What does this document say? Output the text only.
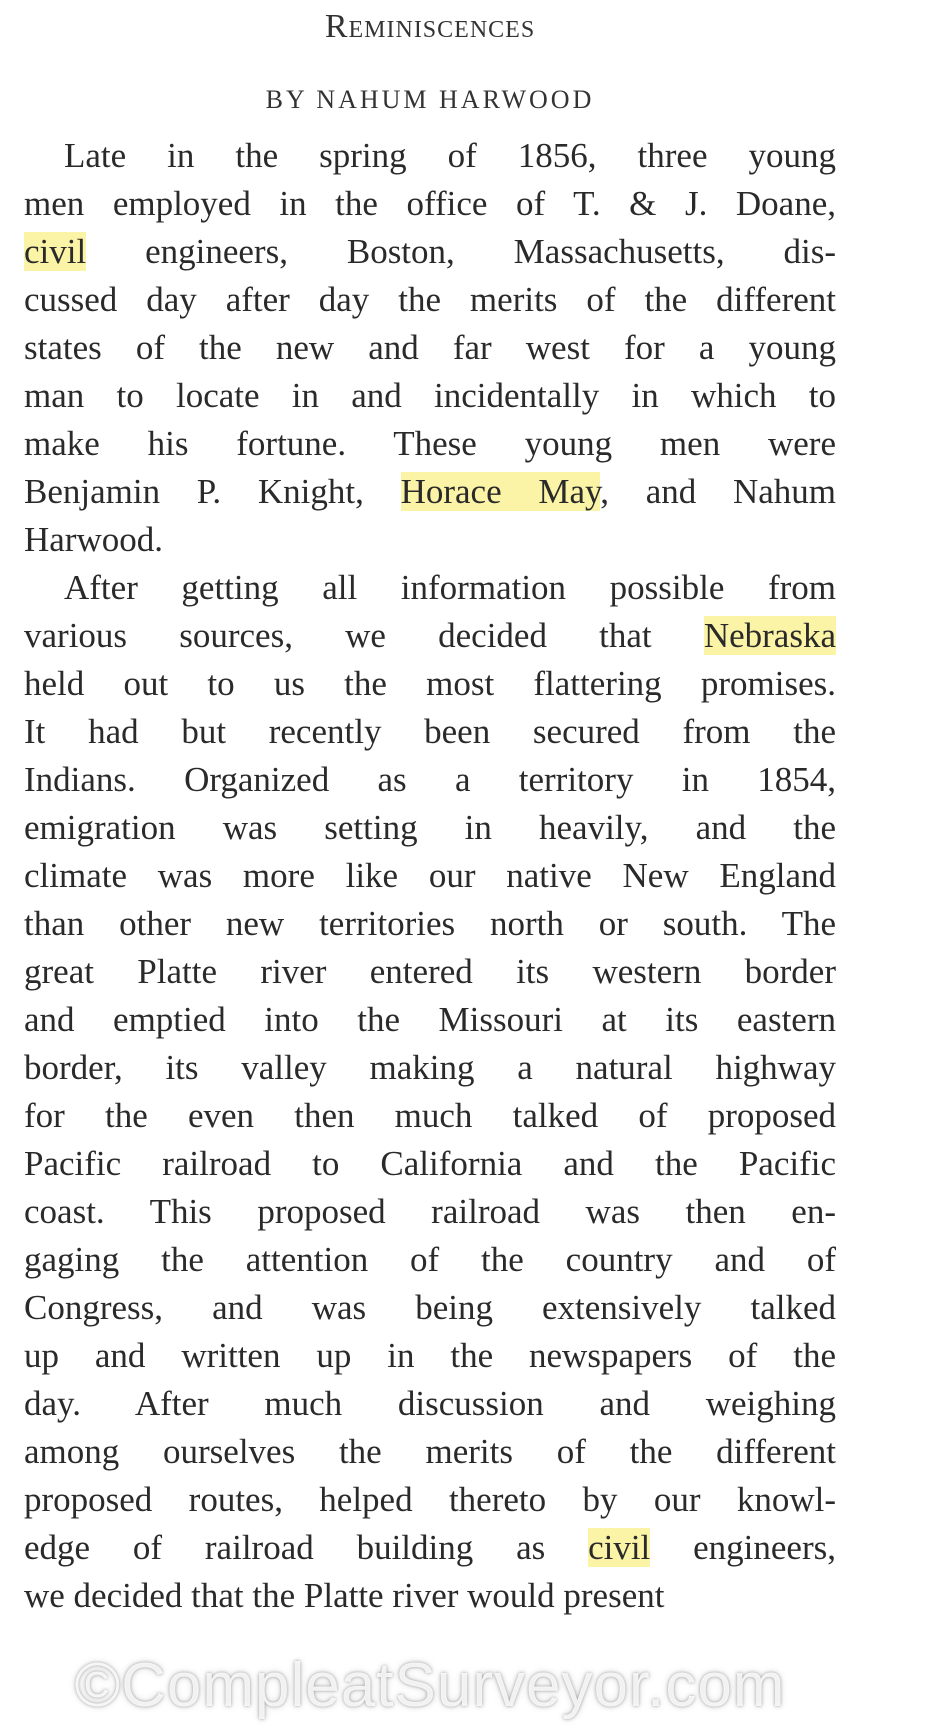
Reminiscences
BY NAHUM HARWOOD
Late in the spring of 1856, three young
men employed in the office of T. & J. Doane,
civil engineers, Boston, Massachusetts, dis-
cussed day after day the merits of the different
states of the new and far west for a young
man to locate in and incidentally in which to
make his fortune. These young men were
Benjamin P. Knight, Horace May, and Nahum
Harwood.
After getting all information possible from
various sources, we decided that Nebraska
held out to us the most flattering promises.
It had but recently been secured from the
Indians. Organized as a territory in 1854,
emigration was setting in heavily, and the
climate was more like our native New England
than other new territories north or south. The
great Platte river entered its western border
and emptied into the Missouri at its eastern
border, its valley making a natural highway
for the even then much talked of proposed
Pacific railroad to California and the Pacific
coast. This proposed railroad was then en-
gaging the attention of the country and of
Congress, and was being extensively talked
up and written up in the newspapers of the
day. After much discussion and weighing
among ourselves the merits of the different
proposed routes, helped thereto by our knowl-
edge of railroad building as civil engineers,
we decided that the Platte river would present
©CompleatSurveyor.com
